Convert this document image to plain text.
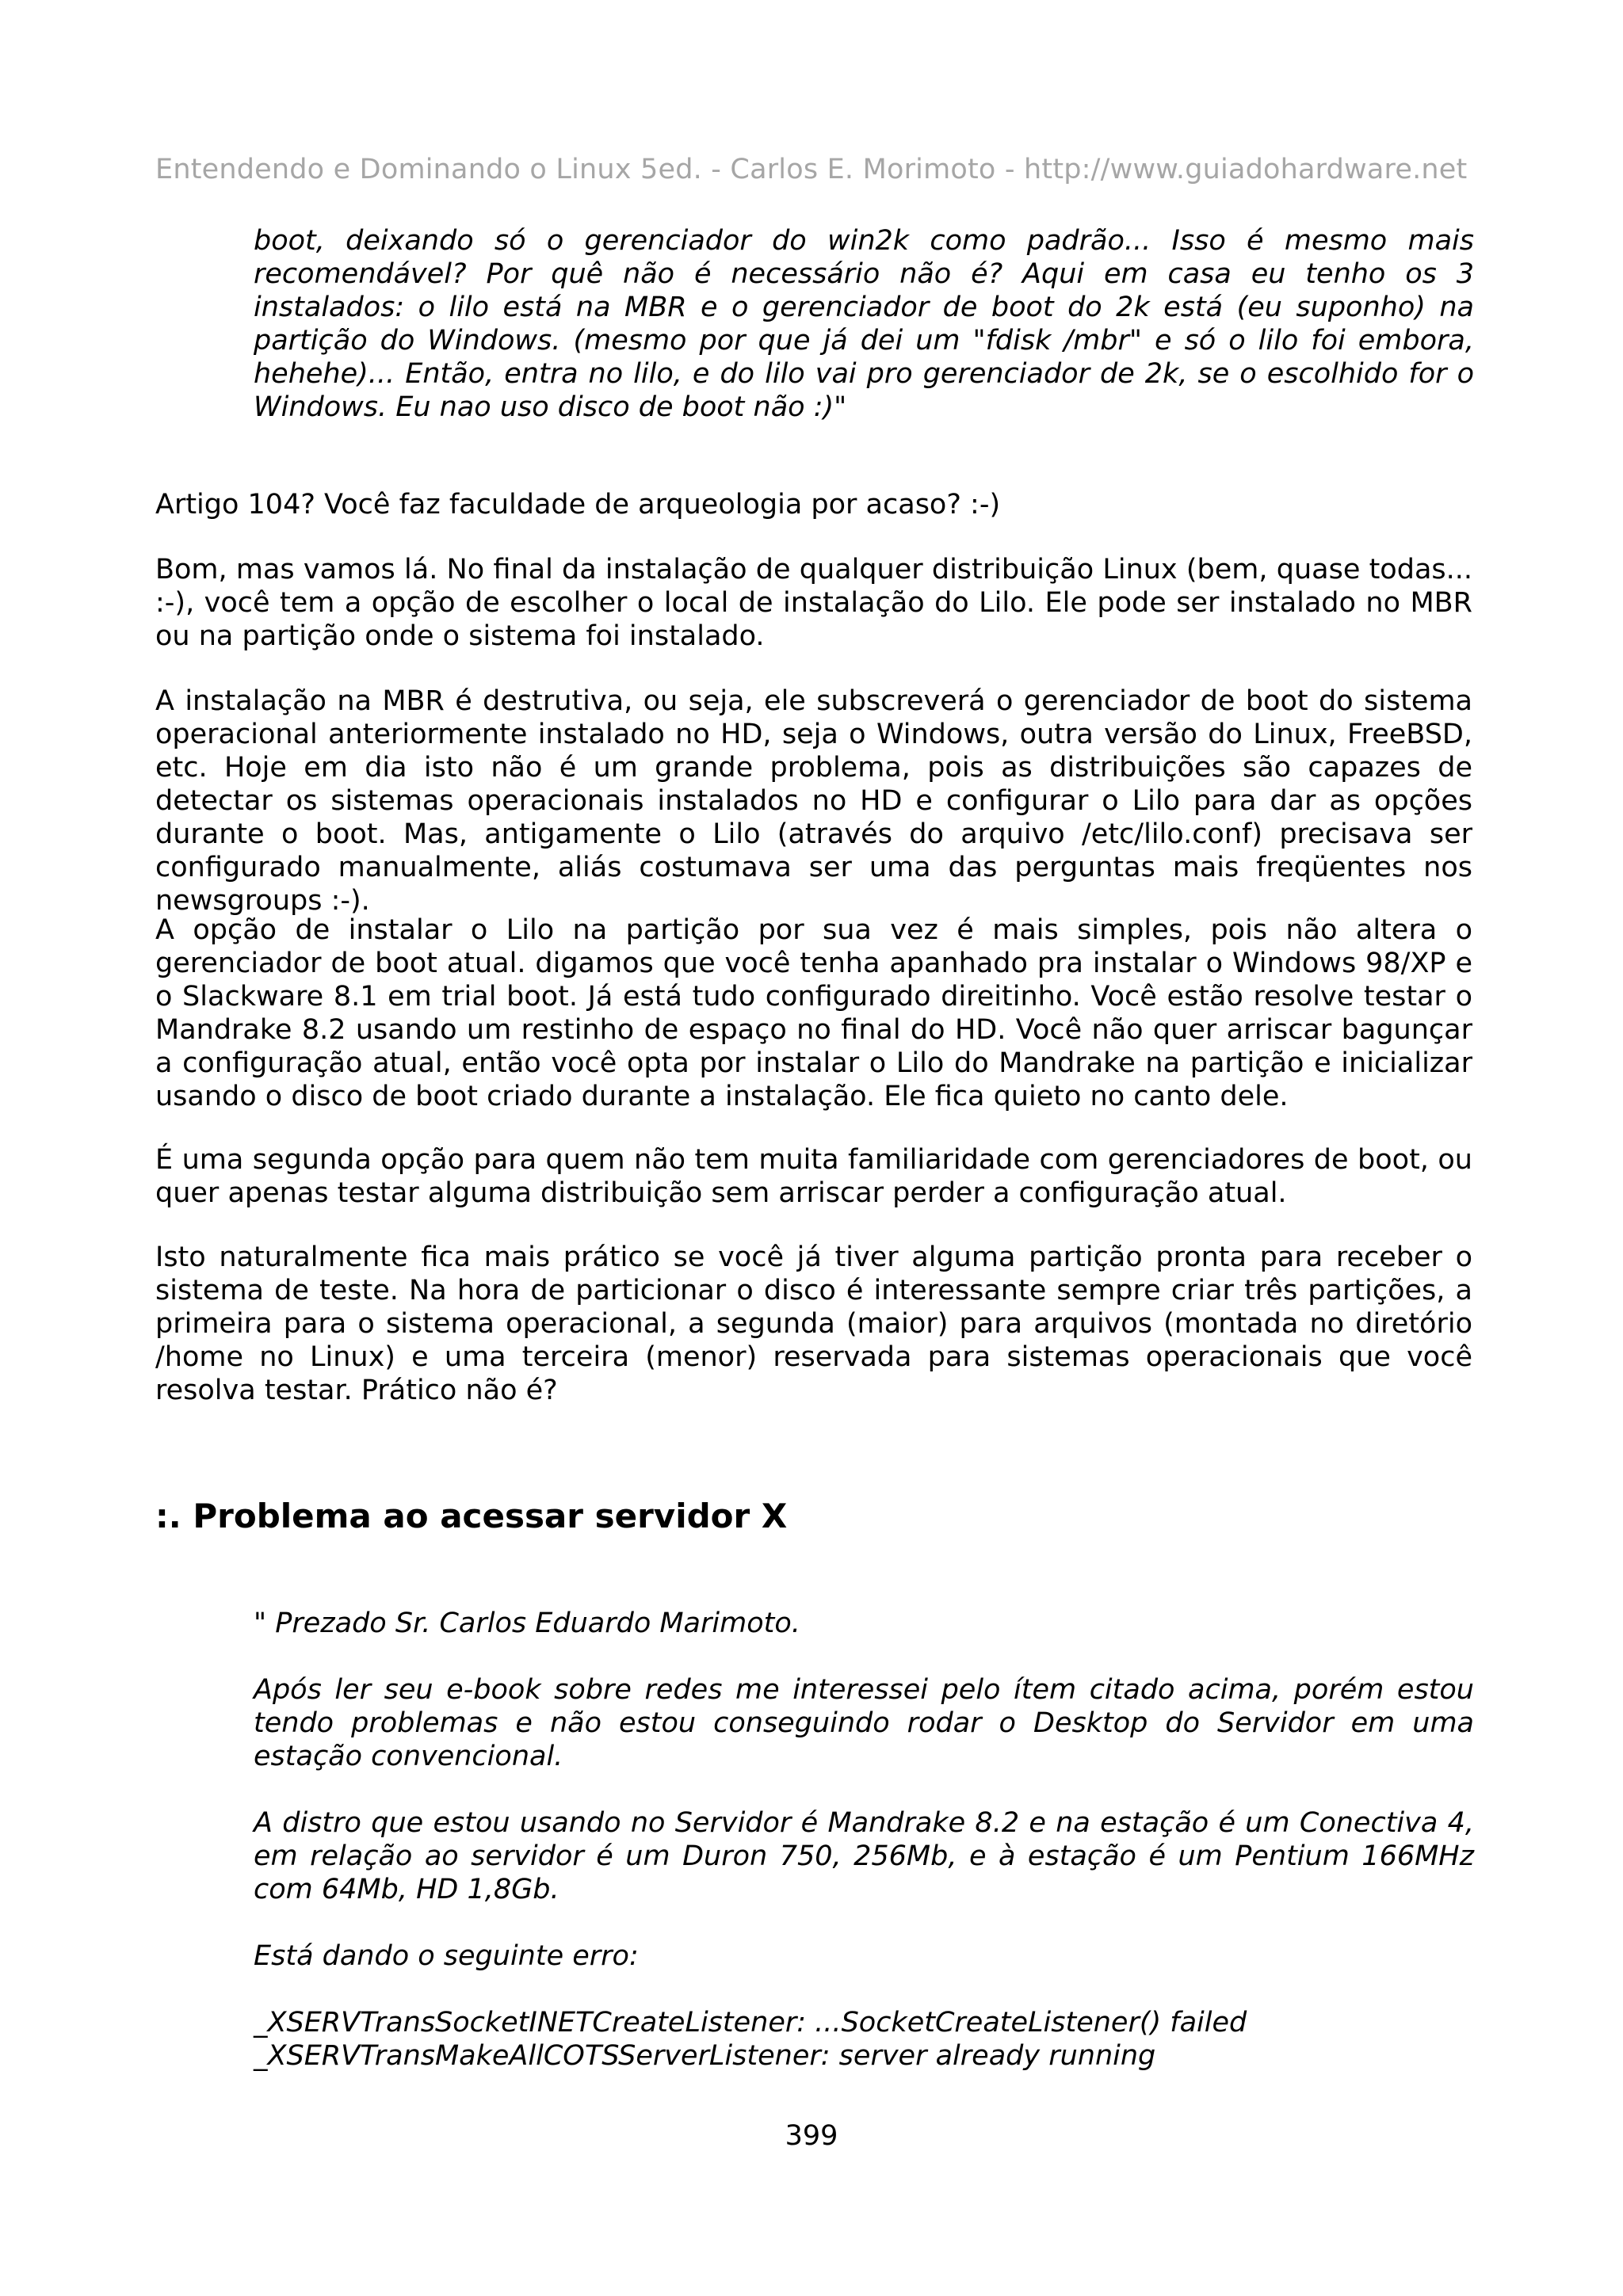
Entendendo e Dominando o Linux 5ed. - Carlos E. Morimoto - http://www.guiadohardware.net

boot, deixando só o gerenciador do win2k como padrão... Isso é mesmo mais recomendável? Por quê não é necessário não é? Aqui em casa eu tenho os 3 instalados: o lilo está na MBR e o gerenciador de boot do 2k está (eu suponho) na partição do Windows. (mesmo por que já dei um "fdisk /mbr" e só o lilo foi embora, hehehe)... Então, entra no lilo, e do lilo vai pro gerenciador de 2k, se o escolhido for o Windows. Eu nao uso disco de boot não :)"

Artigo 104? Você faz faculdade de arqueologia por acaso? :-)

Bom, mas vamos lá. No final da instalação de qualquer distribuição Linux (bem, quase todas... :-), você tem a opção de escolher o local de instalação do Lilo. Ele pode ser instalado no MBR ou na partição onde o sistema foi instalado.

A instalação na MBR é destrutiva, ou seja, ele subscreverá o gerenciador de boot do sistema operacional anteriormente instalado no HD, seja o Windows, outra versão do Linux, FreeBSD, etc. Hoje em dia isto não é um grande problema, pois as distribuições são capazes de detectar os sistemas operacionais instalados no HD e configurar o Lilo para dar as opções durante o boot. Mas, antigamente o Lilo (através do arquivo /etc/lilo.conf) precisava ser configurado manualmente, aliás costumava ser uma das perguntas mais freqüentes nos newsgroups :-).

A opção de instalar o Lilo na partição por sua vez é mais simples, pois não altera o gerenciador de boot atual. digamos que você tenha apanhado pra instalar o Windows 98/XP e o Slackware 8.1 em trial boot. Já está tudo configurado direitinho. Você estão resolve testar o Mandrake 8.2 usando um restinho de espaço no final do HD. Você não quer arriscar bagunçar a configuração atual, então você opta por instalar o Lilo do Mandrake na partição e inicializar usando o disco de boot criado durante a instalação. Ele fica quieto no canto dele.

É uma segunda opção para quem não tem muita familiaridade com gerenciadores de boot, ou quer apenas testar alguma distribuição sem arriscar perder a configuração atual.

Isto naturalmente fica mais prático se você já tiver alguma partição pronta para receber o sistema de teste. Na hora de particionar o disco é interessante sempre criar três partições, a primeira para o sistema operacional, a segunda (maior) para arquivos (montada no diretório /home no Linux) e uma terceira (menor) reservada para sistemas operacionais que você resolva testar. Prático não é?

:. Problema ao acessar servidor X

" Prezado Sr. Carlos Eduardo Marimoto.

Após ler seu e-book sobre redes me interessei pelo ítem citado acima, porém estou tendo problemas e não estou conseguindo rodar o Desktop do Servidor em uma estação convencional.

A distro que estou usando no Servidor é Mandrake 8.2 e na estação é um Conectiva 4, em relação ao servidor é um Duron 750, 256Mb, e à estação é um Pentium 166MHz com 64Mb, HD 1,8Gb.

Está dando o seguinte erro:

_XSERVTransSocketINETCreateListener: ...SocketCreateListener() failed

_XSERVTransMakeAllCOTSServerListener: server already running

399
